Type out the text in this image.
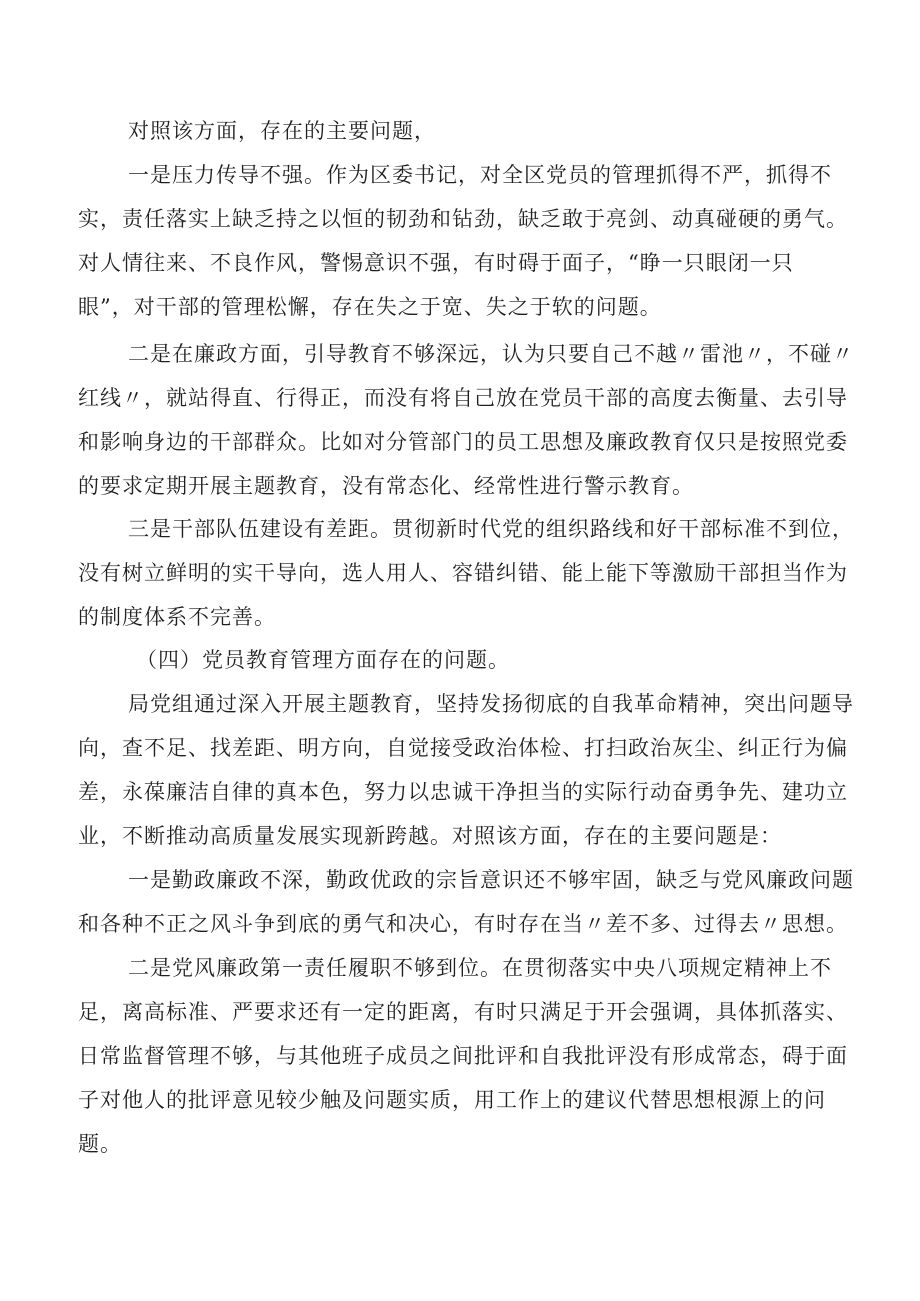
对照该方面，存在的主要问题，
一是压力传导不强。作为区委书记，对全区党员的管理抓得不严，抓得不
实，责任落实上缺乏持之以恒的韧劲和钻劲，缺乏敢于亮剑、动真碰硬的勇气。
对人情往来、不良作风，警惕意识不强，有时碍于面子，“睁一只眼闭一只
眼”，对干部的管理松懈，存在失之于宽、失之于软的问题。
二是在廉政方面，引导教育不够深远，认为只要自己不越〃雷池〃，不碰〃
红线〃，就站得直、行得正，而没有将自己放在党员干部的高度去衡量、去引导
和影响身边的干部群众。比如对分管部门的员工思想及廉政教育仅只是按照党委
的要求定期开展主题教育，没有常态化、经常性进行警示教育。
三是干部队伍建设有差距。贯彻新时代党的组织路线和好干部标准不到位，
没有树立鲜明的实干导向，选人用人、容错纠错、能上能下等激励干部担当作为
的制度体系不完善。
（四）党员教育管理方面存在的问题。
局党组通过深入开展主题教育，坚持发扬彻底的自我革命精神，突出问题导
向，查不足、找差距、明方向，自觉接受政治体检、打扫政治灰尘、纠正行为偏
差，永葆廉洁自律的真本色，努力以忠诚干净担当的实际行动奋勇争先、建功立
业，不断推动高质量发展实现新跨越。对照该方面，存在的主要问题是：
一是勤政廉政不深，勤政优政的宗旨意识还不够牢固，缺乏与党风廉政问题
和各种不正之风斗争到底的勇气和决心，有时存在当〃差不多、过得去〃思想。
二是党风廉政第一责任履职不够到位。在贯彻落实中央八项规定精神上不
足，离高标准、严要求还有一定的距离，有时只满足于开会强调，具体抓落实、
日常监督管理不够，与其他班子成员之间批评和自我批评没有形成常态，碍于面
子对他人的批评意见较少触及问题实质，用工作上的建议代替思想根源上的问
题。
